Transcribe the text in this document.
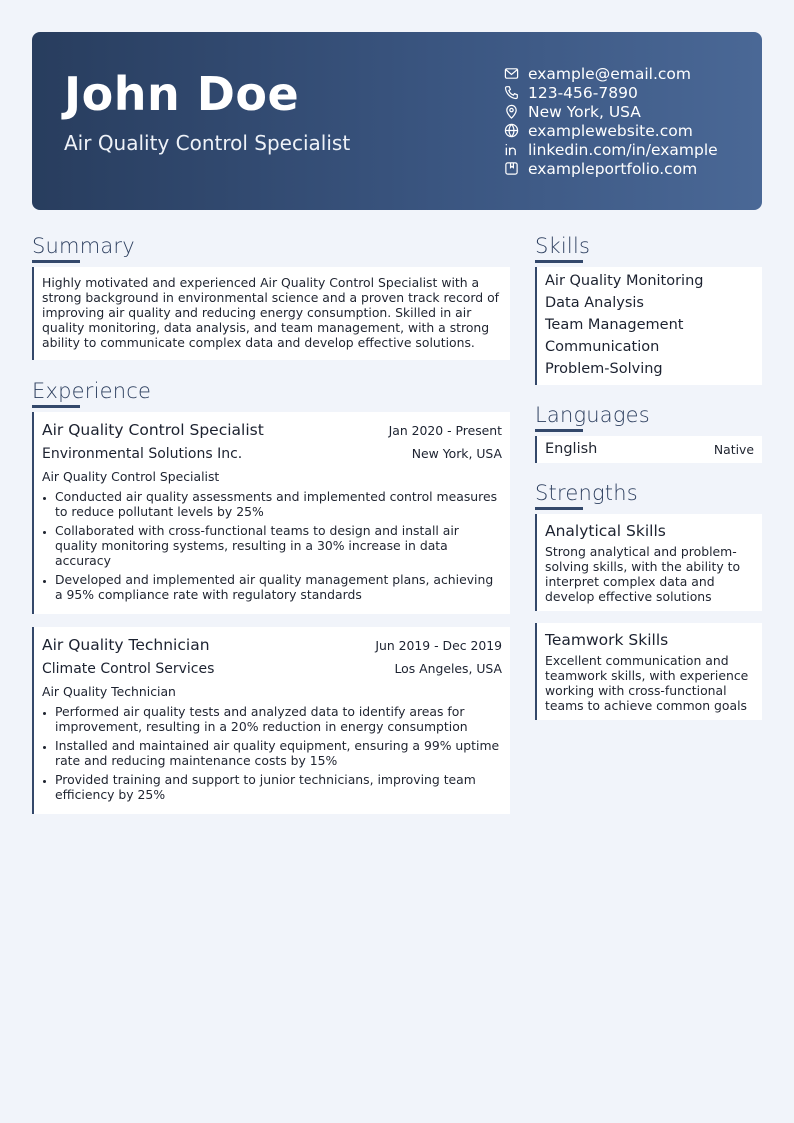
John Doe
Air Quality Control Specialist
example@email.com
123-456-7890
New York, USA
examplewebsite.com
linkedin.com/in/example
exampleportfolio.com
Summary

Highly motivated and experienced Air Quality Control Specialist with a strong background in environmental science and a proven track record of improving air quality and reducing energy consumption. Skilled in air quality monitoring, data analysis, and team management, with a strong ability to communicate complex data and develop effective solutions.

Experience
Air Quality Control Specialist	Jan 2020 - Present
Environmental Solutions Inc.	New York, USA
Air Quality Control Specialist
• Conducted air quality assessments and implemented control measures to reduce pollutant levels by 25%
• Collaborated with cross-functional teams to design and install air quality monitoring systems, resulting in a 30% increase in data accuracy
• Developed and implemented air quality management plans, achieving a 95% compliance rate with regulatory standards
Air Quality Technician	Jun 2019 - Dec 2019
Climate Control Services	Los Angeles, USA
Air Quality Technician
• Performed air quality tests and analyzed data to identify areas for improvement, resulting in a 20% reduction in energy consumption
• Installed and maintained air quality equipment, ensuring a 99% uptime rate and reducing maintenance costs by 15%
• Provided training and support to junior technicians, improving team efficiency by 25%
Skills
Air Quality Monitoring
Data Analysis
Team Management
Communication
Problem-Solving
Languages
English	Native
Strengths
Analytical Skills
Strong analytical and problem-solving skills, with the ability to interpret complex data and develop effective solutions
Teamwork Skills
Excellent communication and teamwork skills, with experience working with cross-functional teams to achieve common goals
